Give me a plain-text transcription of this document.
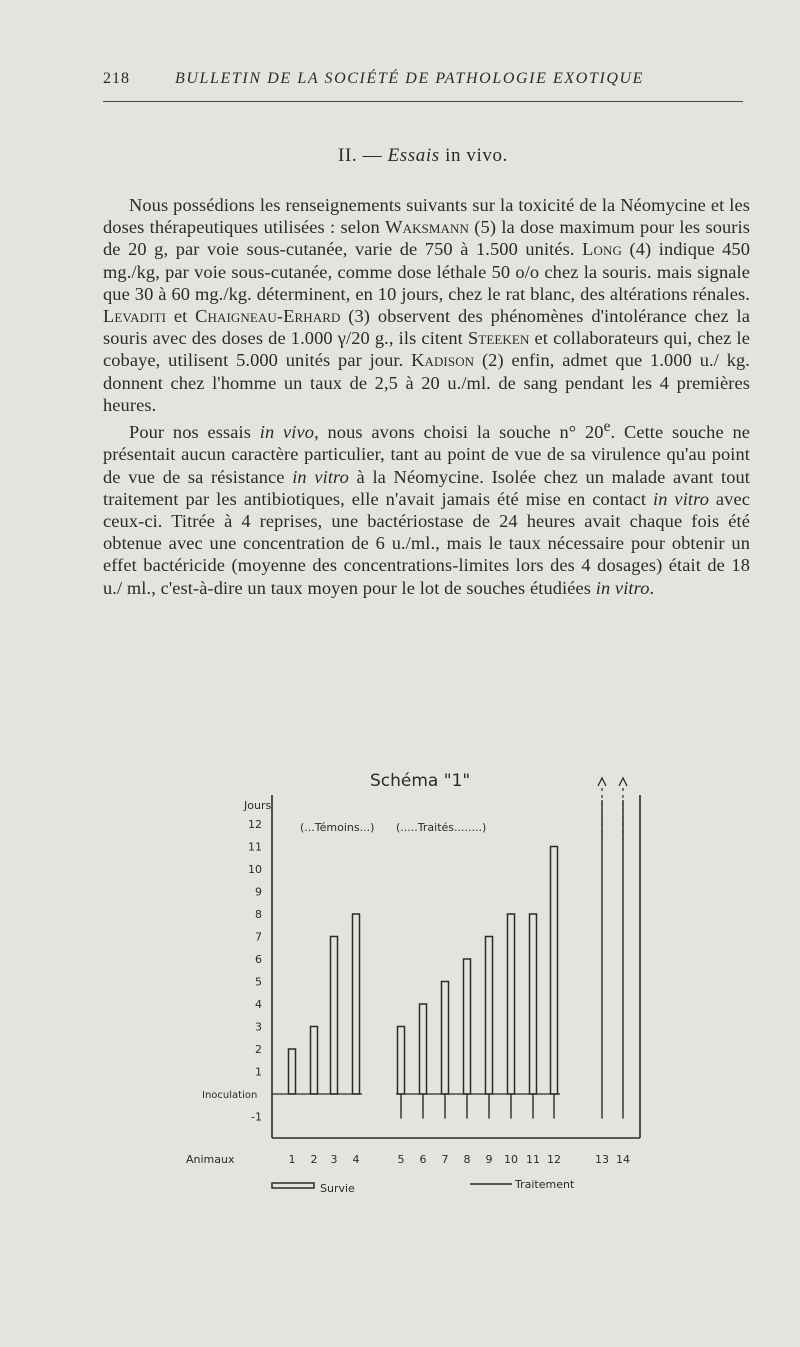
218	BULLETIN DE LA SOCIÉTÉ DE PATHOLOGIE EXOTIQUE
II. — Essais in vivo.

Nous possédions les renseignements suivants sur la toxicité de la Néomycine et les doses thérapeutiques utilisées : selon Waksmann (5) la dose maximum pour les souris de 20 g, par voie sous-cutanée, varie de 750 à 1.500 unités. Long (4) indique 450 mg./kg, par voie sous-cutanée, comme dose léthale 50 o/o chez la souris. mais signale que 30 à 60 mg./kg. déterminent, en 10 jours, chez le rat blanc, des altérations rénales. Levaditi et Chaigneau-Erhard (3) observent des phénomènes d'intolérance chez la souris avec des doses de 1.000 γ/20 g., ils citent Steeken et collaborateurs qui, chez le cobaye, utilisent 5.000 unités par jour. Kadison (2) enfin, admet que 1.000 u./ kg. donnent chez l'homme un taux de 2,5 à 20 u./ml. de sang pendant les 4 premières heures.

Pour nos essais in vivo, nous avons choisi la souche n° 20e. Cette souche ne présentait aucun caractère particulier, tant au point de vue de sa virulence qu'au point de vue de sa résistance in vitro à la Néomycine. Isolée chez un malade avant tout traitement par les antibiotiques, elle n'avait jamais été mise en contact in vitro avec ceux-ci. Titrée à 4 reprises, une bactériostase de 24 heures avait chaque fois été obtenue avec une concentration de 6 u./ml., mais le taux nécessaire pour obtenir un effet bactéricide (moyenne des concentrations-limites lors des 4 dosages) était de 18 u./ ml., c'est-à-dire un taux moyen pour le lot de souches étudiées in vitro.

Schéma "1"
Jours
(...Témoins...) (.....Traités........)
Animaux
12
11
10
9
8
7
6
5
4
3
2
1
Inoculation
-1
1 2 3 4	5 6 7 8 9 10 11 12	13 14
Survie	Traitement
